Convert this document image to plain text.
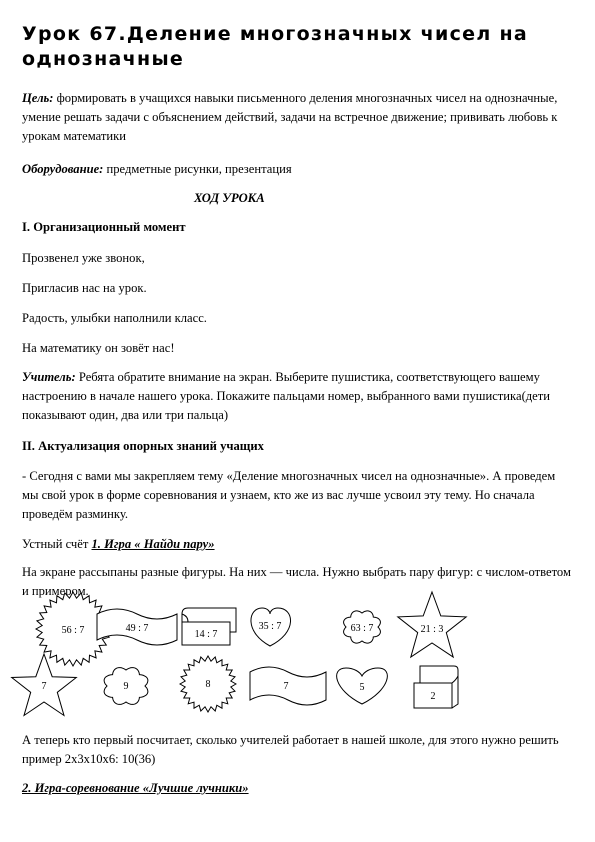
Урок 67.Деление многозначных чисел на однозначные

Цель: формировать в учащихся навыки письменного деления многозначных чисел на однозначные, умение решать задачи с объяснением действий, задачи на встречное движение; прививать любовь к урокам математики

Оборудование: предметные рисунки, презентация

ХОД УРОКА

I. Организационный момент

Прозвенел уже звонок,

Пригласив нас на урок.

Радость, улыбки наполнили класс.

На математику он зовёт нас!

Учитель: Ребята обратите внимание на экран. Выберите пушистика, соответствующего вашему настроению в начале нашего урока. Покажите пальцами номер, выбранного вами пушистика(дети показывают один, два или три пальца)

II. Актуализация опорных знаний учащих

- Сегодня с вами мы закрепляем тему «Деление многозначных чисел на однозначные». А проведем мы свой урок в форме соревнования и узнаем, кто же из вас лучше усвоил эту тему. Но сначала проведём разминку.

Устный счёт 1. Игра « Найди пару»

На экране рассыпаны разные фигуры. На них — числа. Нужно выбрать пару фигур: с числом-ответом и примером.

56 : 7	49 : 7
14 : 7
35 : 7	63 : 7	21 : 3
7	9	8	7	5
2

А теперь кто первый посчитает, сколько учителей работает в нашей школе, для этого нужно решить пример 2х3х10х6: 10(36)

2. Игра-соревнование «Лучшие лучники»
